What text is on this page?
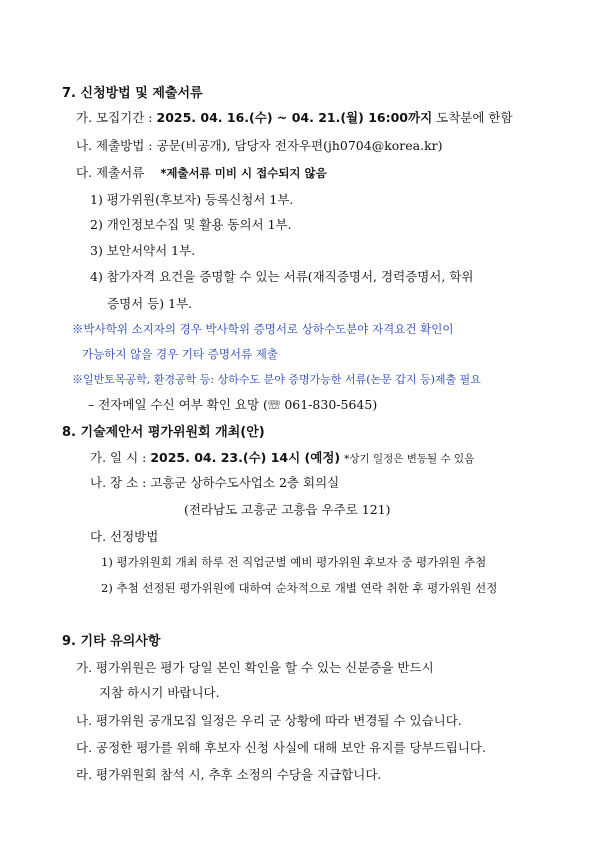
7. 신청방법 및 제출서류
가. 모집기간 : 2025. 04. 16.(수) ~ 04. 21.(월) 16:00까지 도착분에 한함
나. 제출방법 : 공문(비공개), 담당자 전자우편(jh0704@korea.kr)
다. 제출서류 *제출서류 미비 시 접수되지 않음
1) 평가위원(후보자) 등록신청서 1부.
2) 개인정보수집 및 활용 동의서 1부.
3) 보안서약서 1부.
4) 참가자격 요건을 증명할 수 있는 서류(재직증명서, 경력증명서, 학위
증명서 등) 1부.
※박사학위 소지자의 경우 박사학위 증명서로 상하수도분야 자격요건 확인이
가능하지 않을 경우 기타 증명서류 제출
※일반토목공학, 환경공학 등: 상하수도 분야 증명가능한 서류(논문 갑지 등)제출 필요
– 전자메일 수신 여부 확인 요망 (☏ 061-830-5645)
8. 기술제안서 평가위원회 개최(안)
가. 일 시 : 2025. 04. 23.(수) 14시 (예정) *상기 일정은 변동될 수 있음
나. 장 소 : 고흥군 상하수도사업소 2층 회의실
(전라남도 고흥군 고흥읍 우주로 121)
다. 선정방법
1) 평가위원회 개최 하루 전 직업군별 예비 평가위원 후보자 중 평가위원 추첨
2) 추첨 선정된 평가위원에 대하여 순차적으로 개별 연락 취한 후 평가위원 선정
9. 기타 유의사항
가. 평가위원은 평가 당일 본인 확인을 할 수 있는 신분증을 반드시
지참 하시기 바랍니다.
나. 평가위원 공개모집 일정은 우리 군 상황에 따라 변경될 수 있습니다.
다. 공정한 평가를 위해 후보자 신청 사실에 대해 보안 유지를 당부드립니다.
라. 평가위원회 참석 시, 추후 소정의 수당을 지급합니다.
